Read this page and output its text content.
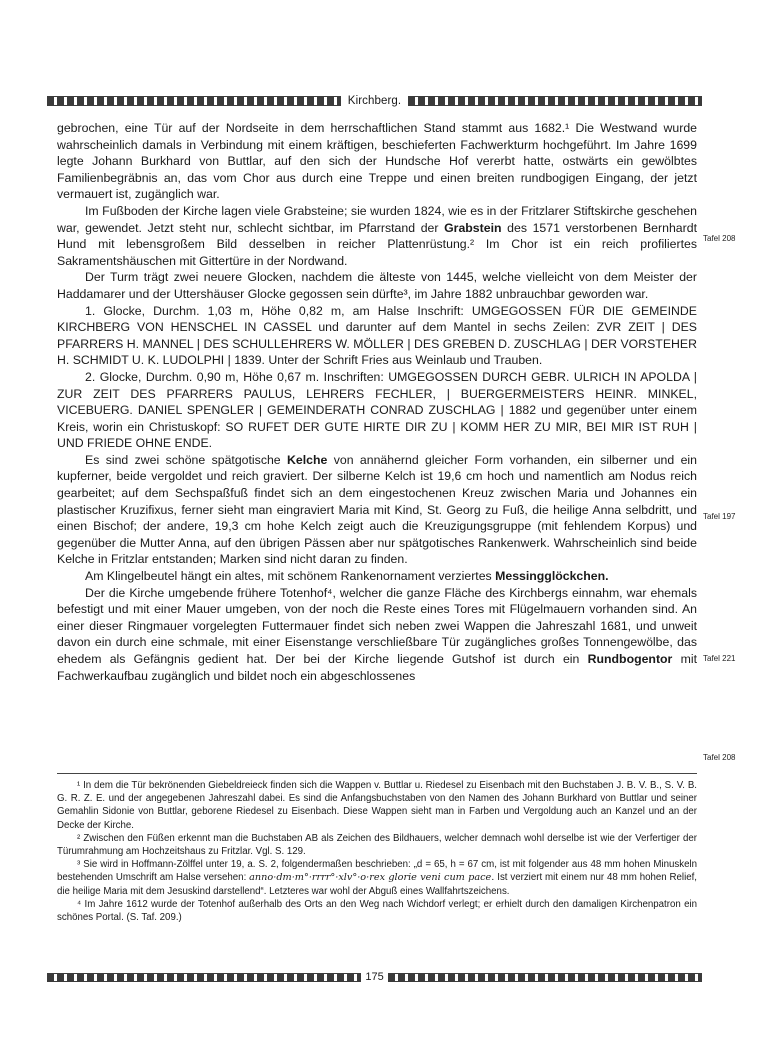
Kirchberg.

gebrochen, eine Tür auf der Nordseite in dem herrschaftlichen Stand stammt aus 1682.¹ Die Westwand wurde wahrscheinlich damals in Verbindung mit einem kräftigen, beschieferten Fachwerkturm hochgeführt. Im Jahre 1699 legte Johann Burkhard von Buttlar, auf den sich der Hundsche Hof vererbt hatte, ostwärts ein gewölbtes Familienbegräbnis an, das vom Chor aus durch eine Treppe und einen breiten rundbogigen Eingang, der jetzt vermauert ist, zugänglich war.

Im Fußboden der Kirche lagen viele Grabsteine; sie wurden 1824, wie es in der Fritzlarer Stiftskirche geschehen war, gewendet. Jetzt steht nur, schlecht sichtbar, im Pfarrstand der Grabstein des 1571 verstorbenen Bernhardt Hund mit lebensgroßem Bild desselben in reicher Plattenrüstung.² Im Chor ist ein reich profiliertes Sakramentshäuschen mit Gittertüre in der Nordwand.

Der Turm trägt zwei neuere Glocken, nachdem die älteste von 1445, welche vielleicht von dem Meister der Haddamarer und der Uttershäuser Glocke gegossen sein dürfte³, im Jahre 1882 unbrauchbar geworden war.

1. Glocke, Durchm. 1,03 m, Höhe 0,82 m, am Halse Inschrift: UMGEGOSSEN FÜR DIE GEMEINDE KIRCHBERG VON HENSCHEL IN CASSEL und darunter auf dem Mantel in sechs Zeilen: ZVR ZEIT | DES PFARRERS H. MANNEL | DES SCHULLEHRERS W. MÖLLER | DES GREBEN D. ZUSCHLAG | DER VORSTEHER H. SCHMIDT U. K. LUDOLPHI | 1839. Unter der Schrift Fries aus Weinlaub und Trauben.

2. Glocke, Durchm. 0,90 m, Höhe 0,67 m. Inschriften: UMGEGOSSEN DURCH GEBR. ULRICH IN APOLDA | ZUR ZEIT DES PFARRERS PAULUS, LEHRERS FECHLER, | BUERGERMEISTERS HEINR. MINKEL, VICEBUERG. DANIEL SPENGLER | GEMEINDERATH CONRAD ZUSCHLAG | 1882 und gegenüber unter einem Kreis, worin ein Christuskopf: SO RUFET DER GUTE HIRTE DIR ZU | KOMM HER ZU MIR, BEI MIR IST RUH | UND FRIEDE OHNE ENDE.

Es sind zwei schöne spätgotische Kelche von annähernd gleicher Form vorhanden, ein silberner und ein kupferner, beide vergoldet und reich graviert. Der silberne Kelch ist 19,6 cm hoch und namentlich am Nodus reich gearbeitet; auf dem Sechspaßfuß findet sich an dem eingestochenen Kreuz zwischen Maria und Johannes ein plastischer Kruzifixus, ferner sieht man eingraviert Maria mit Kind, St. Georg zu Fuß, die heilige Anna selbdritt, und einen Bischof; der andere, 19,3 cm hohe Kelch zeigt auch die Kreuzigungsgruppe (mit fehlendem Korpus) und gegenüber die Mutter Anna, auf den übrigen Pässen aber nur spätgotisches Rankenwerk. Wahrscheinlich sind beide Kelche in Fritzlar entstanden; Marken sind nicht daran zu finden.

Am Klingelbeutel hängt ein altes, mit schönem Rankenornament verziertes Messingglöckchen.

Der die Kirche umgebende frühere Totenhof⁴, welcher die ganze Fläche des Kirchbergs einnahm, war ehemals befestigt und mit einer Mauer umgeben, von der noch die Reste eines Tores mit Flügelmauern vorhanden sind. An einer dieser Ringmauer vorgelegten Futtermauer findet sich neben zwei Wappen die Jahreszahl 1681, und unweit davon ein durch eine schmale, mit einer Eisenstange verschließbare Tür zugängliches großes Tonnengewölbe, das ehedem als Gefängnis gedient hat. Der bei der Kirche liegende Gutshof ist durch ein Rundbogentor mit Fachwerkaufbau zugänglich und bildet noch ein abgeschlossenes

Tafel 208
Tafel 197
Tafel 221
Tafel 208

¹ In dem die Tür bekrönenden Giebeldreieck finden sich die Wappen v. Buttlar u. Riedesel zu Eisenbach mit den Buchstaben J. B. V. B., S. V. B. G. R. Z. E. und der angegebenen Jahreszahl dabei. Es sind die Anfangsbuchstaben von den Namen des Johann Burkhard von Buttlar und seiner Gemahlin Sidonie von Buttlar, geborene Riedesel zu Eisenbach. Diese Wappen sieht man in Farben und Vergoldung auch an Kanzel und an der Decke der Kirche.

² Zwischen den Füßen erkennt man die Buchstaben AB als Zeichen des Bildhauers, welcher demnach wohl derselbe ist wie der Verfertiger der Türumrahmung am Hochzeitshaus zu Fritzlar. Vgl. S. 129.

³ Sie wird in Hoffmann-Zölffel unter 19, a. S. 2, folgendermaßen beschrieben: „d = 65, h = 67 cm, ist mit folgender aus 48 mm hohen Minuskeln bestehenden Umschrift am Halse versehen: anno·dm·m°·rrrr°·xlv°·o·rex glorie veni cum pace. Ist verziert mit einem nur 48 mm hohen Relief, die heilige Maria mit dem Jesuskind darstellend“. Letzteres war wohl der Abguß eines Wallfahrtszeichens.

⁴ Im Jahre 1612 wurde der Totenhof außerhalb des Orts an den Weg nach Wichdorf verlegt; er erhielt durch den damaligen Kirchenpatron ein schönes Portal. (S. Taf. 209.)

175
